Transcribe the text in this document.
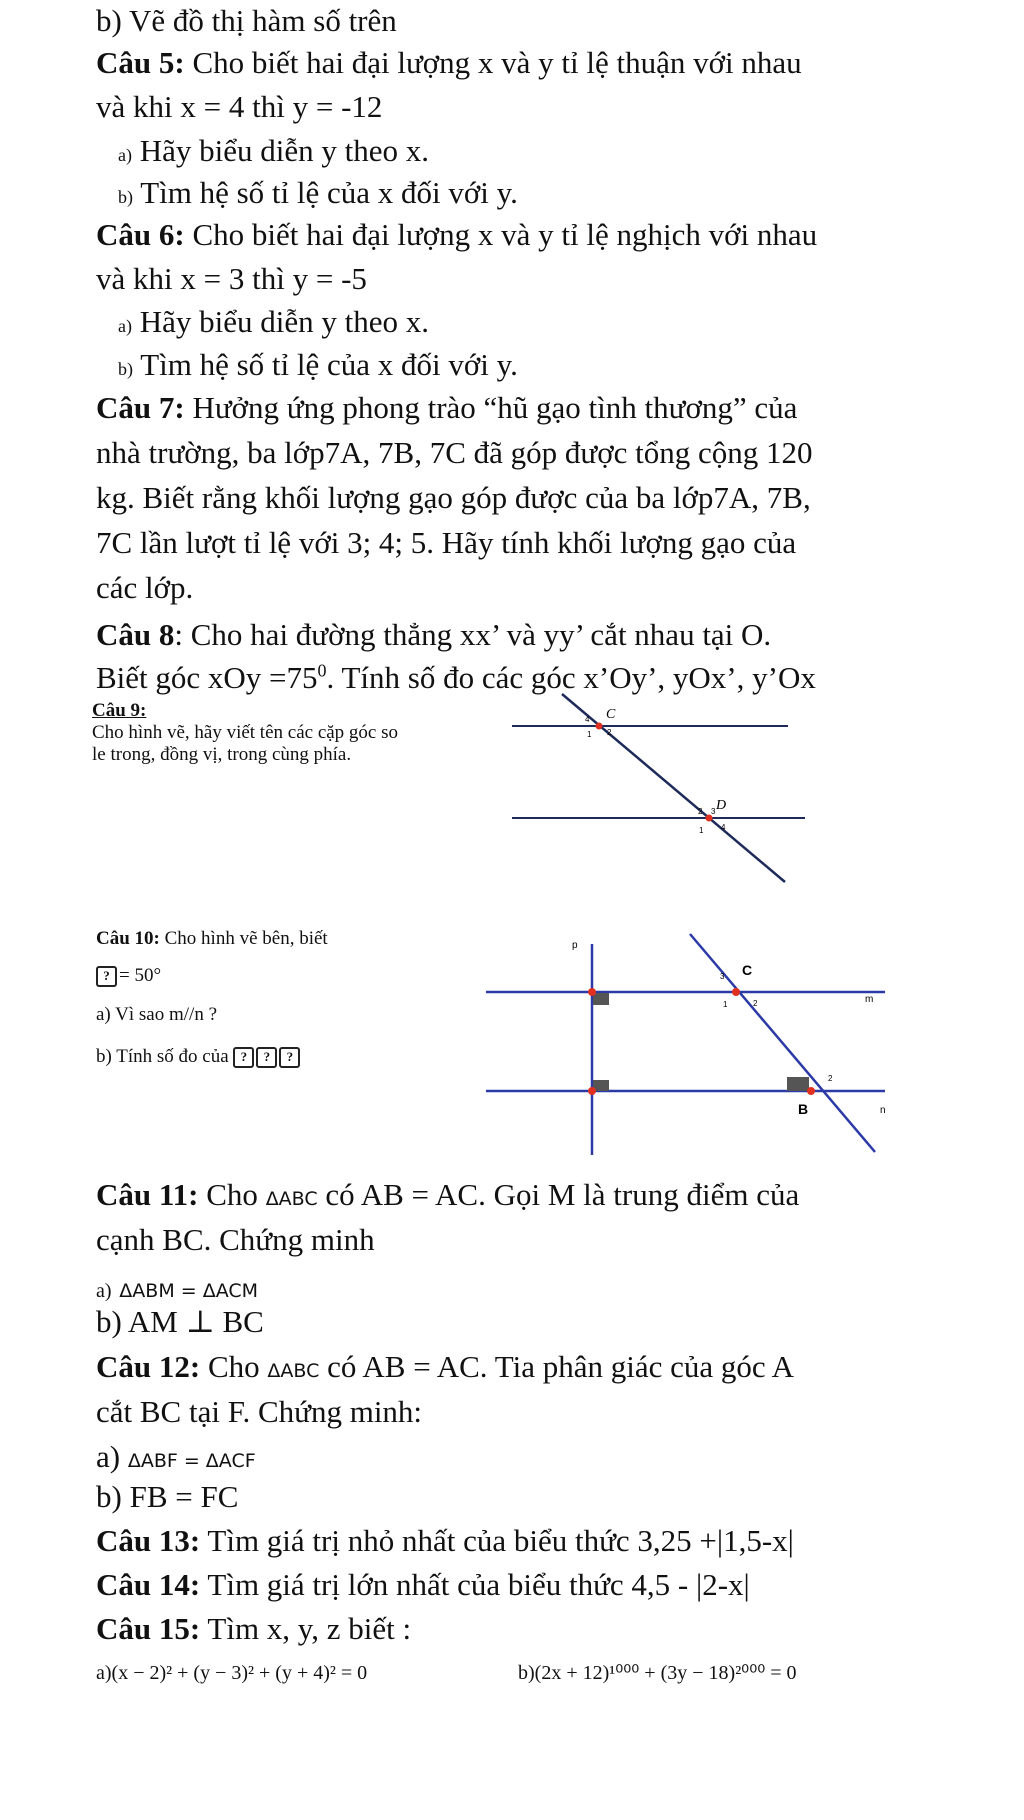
b) Vẽ đồ thị hàm số trên
Câu 5: Cho biết hai đại lượng x và y tỉ lệ thuận với nhau
và khi x = 4 thì y = -12
a) Hãy biểu diễn y theo x.
b) Tìm hệ số tỉ lệ của x đối với y.
Câu 6: Cho biết hai đại lượng x và y tỉ lệ nghịch với nhau
và khi x = 3 thì y = -5
a) Hãy biểu diễn y theo x.
b) Tìm hệ số tỉ lệ của x đối với y.
Câu 7: Hưởng ứng phong trào “hũ gạo tình thương” của
nhà trường, ba lớp7A, 7B, 7C đã góp được tổng cộng 120
kg. Biết rằng khối lượng gạo góp được của ba lớp7A, 7B,
7C lần lượt tỉ lệ với 3; 4; 5. Hãy tính khối lượng gạo của
các lớp.
Câu 8: Cho hai đường thẳng xx’ và yy’ cắt nhau tại O.
Biết góc xOy $=75^0$. Tính số đo các góc x’Oy’, yOx’, y’Ox
Câu 9:
Cho hình vẽ, hãy viết tên các cặp góc so
le trong, đồng vị, trong cùng phía.
C
D
4
1 2
2 3
1 4
Câu 10: Cho hình vẽ bên, biết
? = 50°
a) Vì sao m//n ?
b) Tính số đo của ? ? ?
p
m
n
C
B
3
1	2
2
Câu 11: Cho ΔABC có AB = AC. Gọi M là trung điểm của
cạnh BC. Chứng minh
a) ΔABM = ΔACM
b) AM ⊥ BC
Câu 12: Cho ΔABC có AB = AC. Tia phân giác của góc A
cắt BC tại F. Chứng minh:
a) ΔABF = ΔACF
b) FB = FC
Câu 13: Tìm giá trị nhỏ nhất của biểu thức 3,25 +|1,5-x|
Câu 14: Tìm giá trị lớn nhất của biểu thức 4,5 - |2-x|
Câu 15: Tìm x, y, z biết :
a)(x − 2)² + (y − 3)² + (y + 4)² = 0	b)(2x + 12)¹⁰⁰⁰ + (3y − 18)²⁰⁰⁰ = 0
